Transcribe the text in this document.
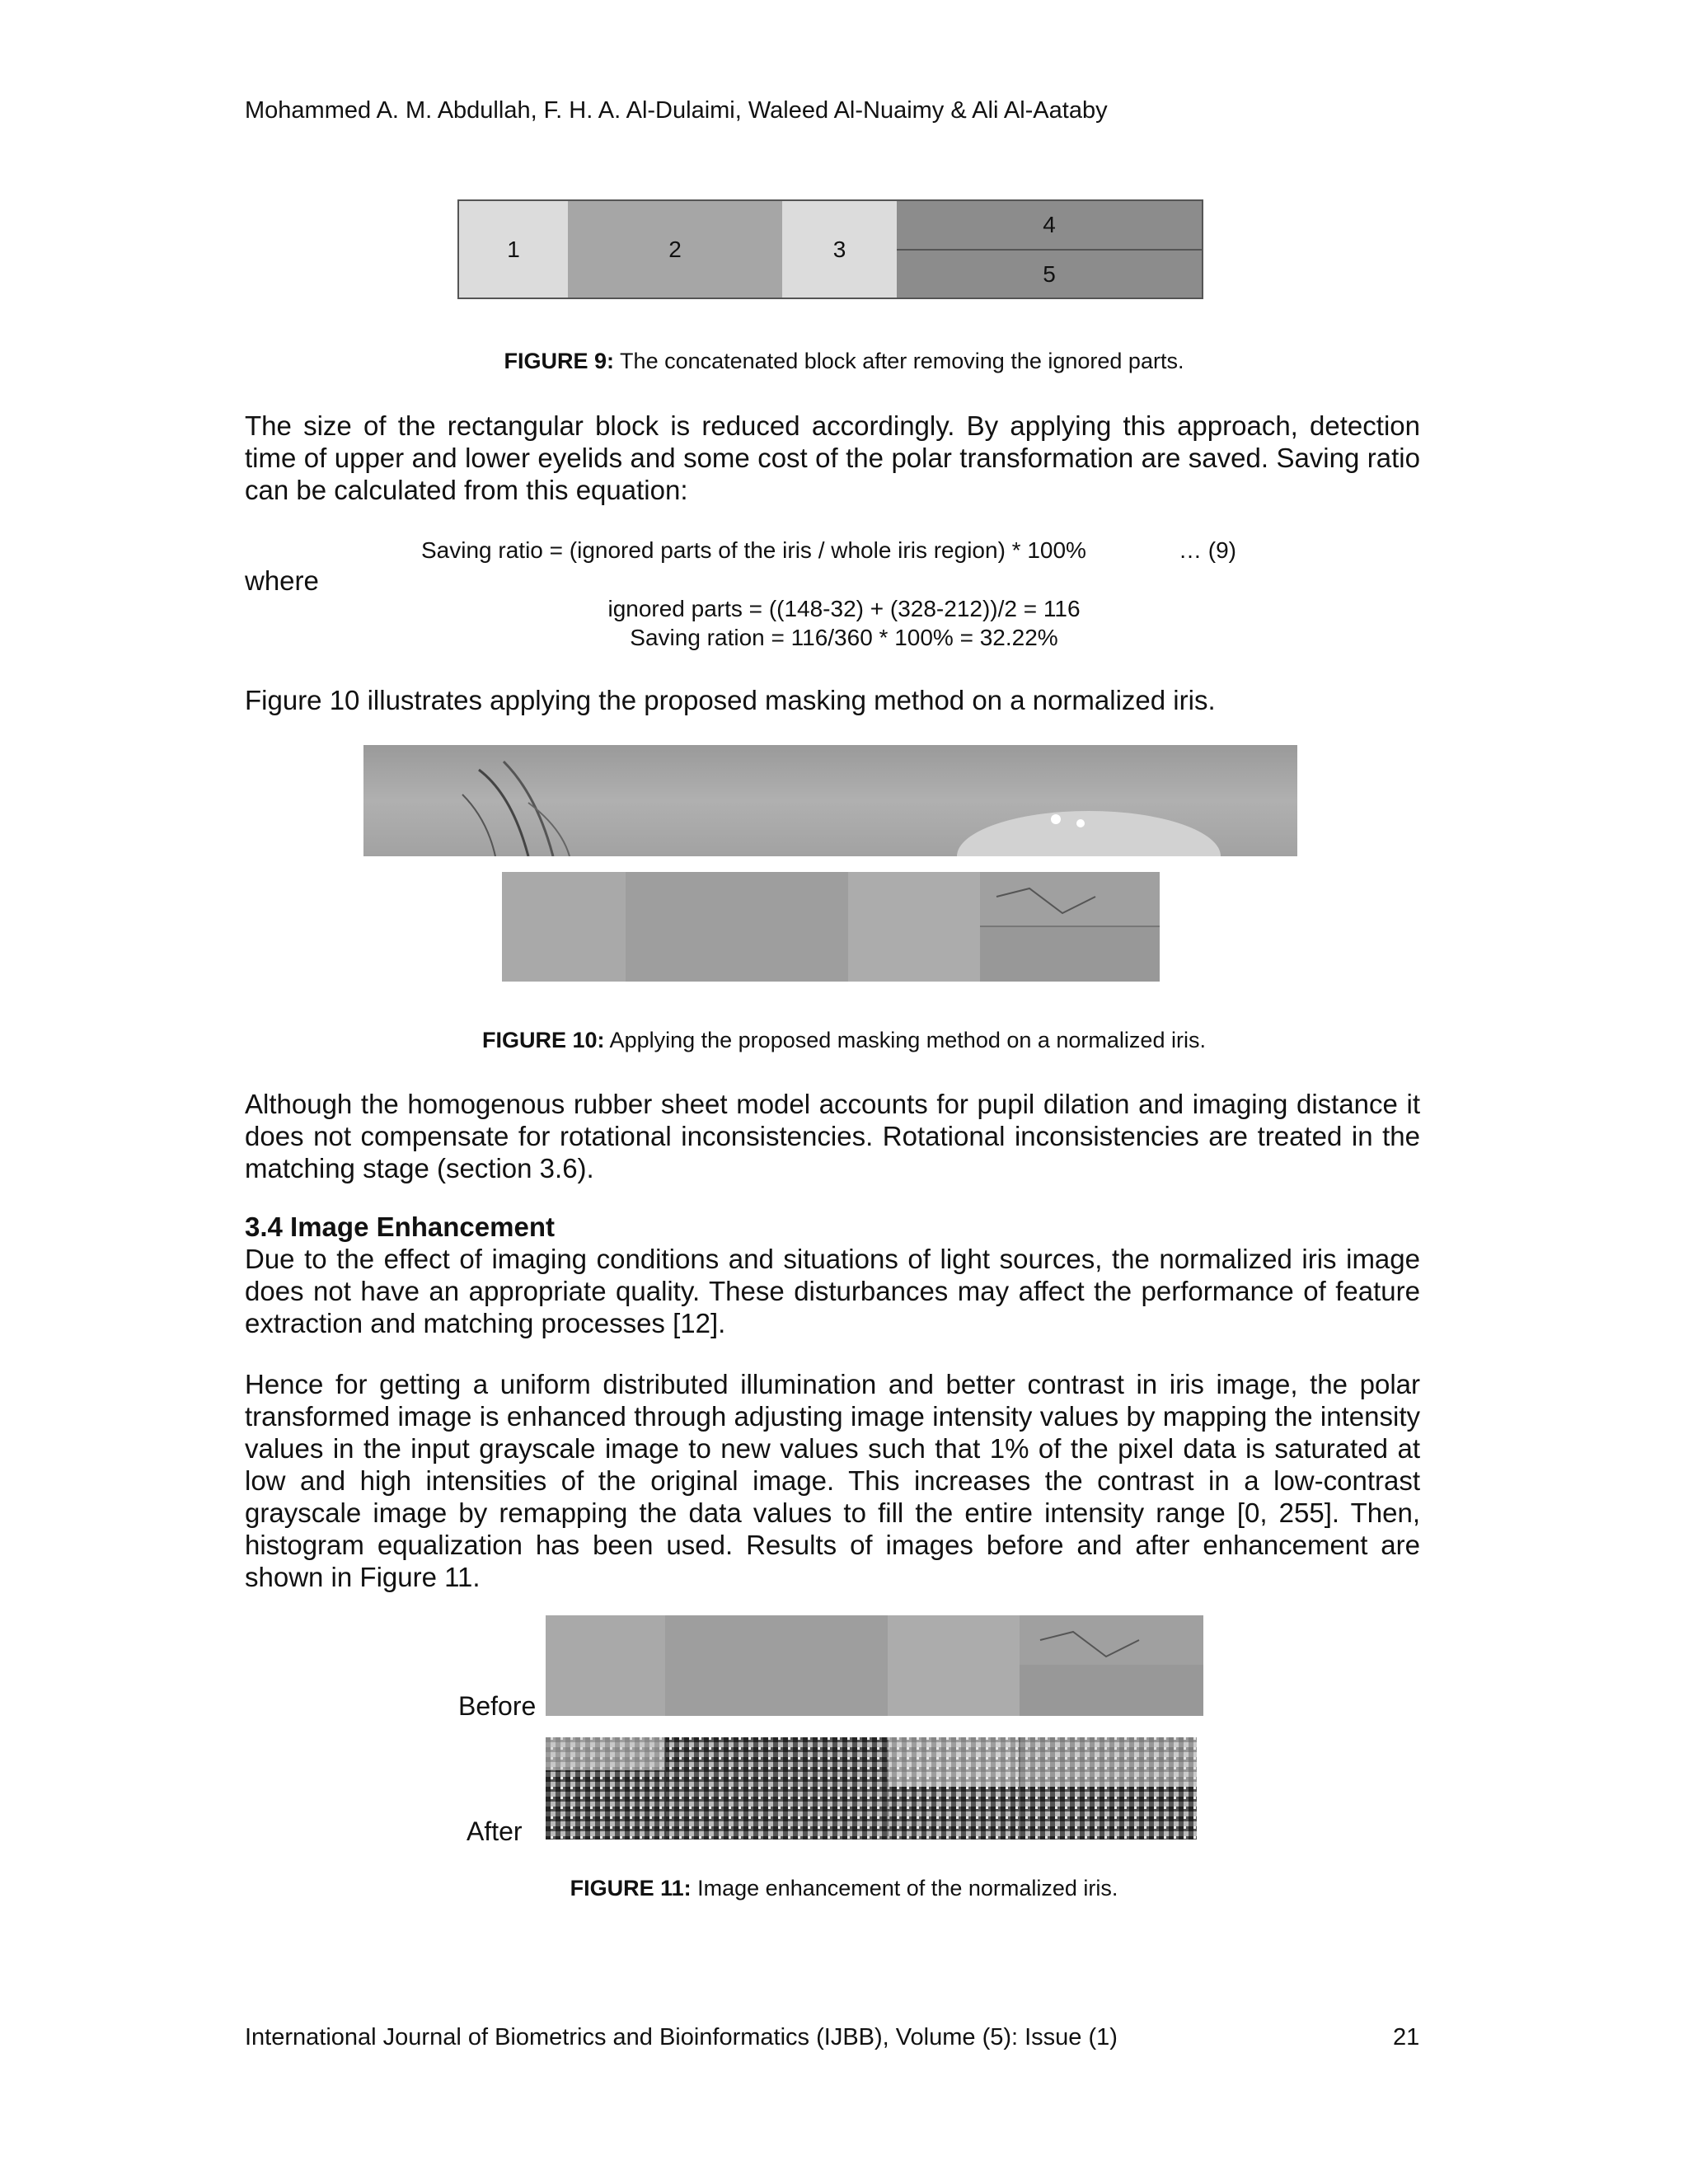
Mohammed A. M. Abdullah, F. H. A. Al-Dulaimi, Waleed Al-Nuaimy & Ali Al-Aataby
1	2	3
4
5
FIGURE 9: The concatenated block after removing the ignored parts.
The size of the rectangular block is reduced accordingly. By applying this approach, detection time of upper and lower eyelids and some cost of the polar transformation are saved. Saving ratio can be calculated from this equation:
Saving ratio = (ignored parts of the iris / whole iris region) * 100%	… (9)
where
ignored parts = ((148-32) + (328-212))/2 = 116
Saving ration = 116/360 * 100% = 32.22%
Figure 10 illustrates applying the proposed masking method on a normalized iris.
FIGURE 10: Applying the proposed masking method on a normalized iris.
Although the homogenous rubber sheet model accounts for pupil dilation and imaging distance it does not compensate for rotational inconsistencies. Rotational inconsistencies are treated in the matching stage (section 3.6).
3.4 Image Enhancement
Due to the effect of imaging conditions and situations of light sources, the normalized iris image does not have an appropriate quality. These disturbances may affect the performance of feature extraction and matching processes [12].
Hence for getting a uniform distributed illumination and better contrast in iris image, the polar transformed image is enhanced through adjusting image intensity values by mapping the intensity values in the input grayscale image to new values such that 1% of the pixel data is saturated at low and high intensities of the original image. This increases the contrast in a low-contrast grayscale image by remapping the data values to fill the entire intensity range [0, 255]. Then, histogram equalization has been used. Results of images before and after enhancement are shown in Figure 11.
Before
After
FIGURE 11: Image enhancement of the normalized iris.
International Journal of Biometrics and Bioinformatics (IJBB), Volume (5): Issue (1)	21
